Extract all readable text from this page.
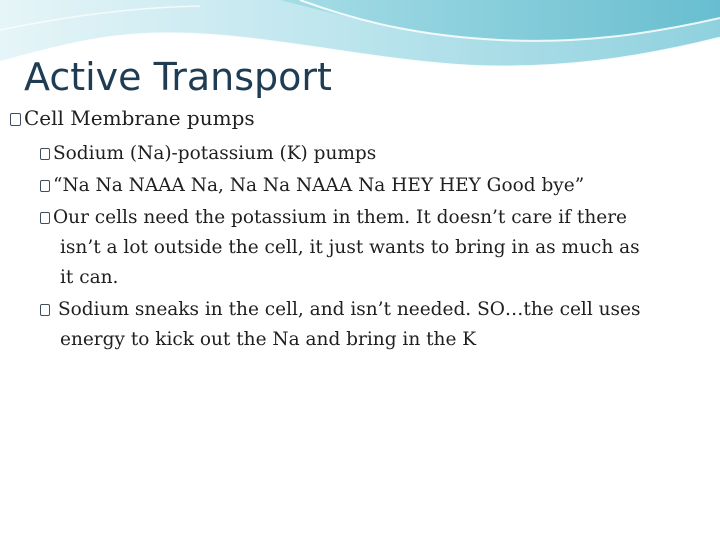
Active Transport

Cell Membrane pumps

Sodium (Na)-potassium (K) pumps
“Na Na NAAA Na, Na Na NAAA Na HEY HEY Good bye”
Our cells need the potassium in them. It doesn’t care if there isn’t a lot outside the cell, it just wants to bring in as much as it can.
Sodium sneaks in the cell, and isn’t needed. SO…the cell uses energy to kick out the Na and bring in the K
